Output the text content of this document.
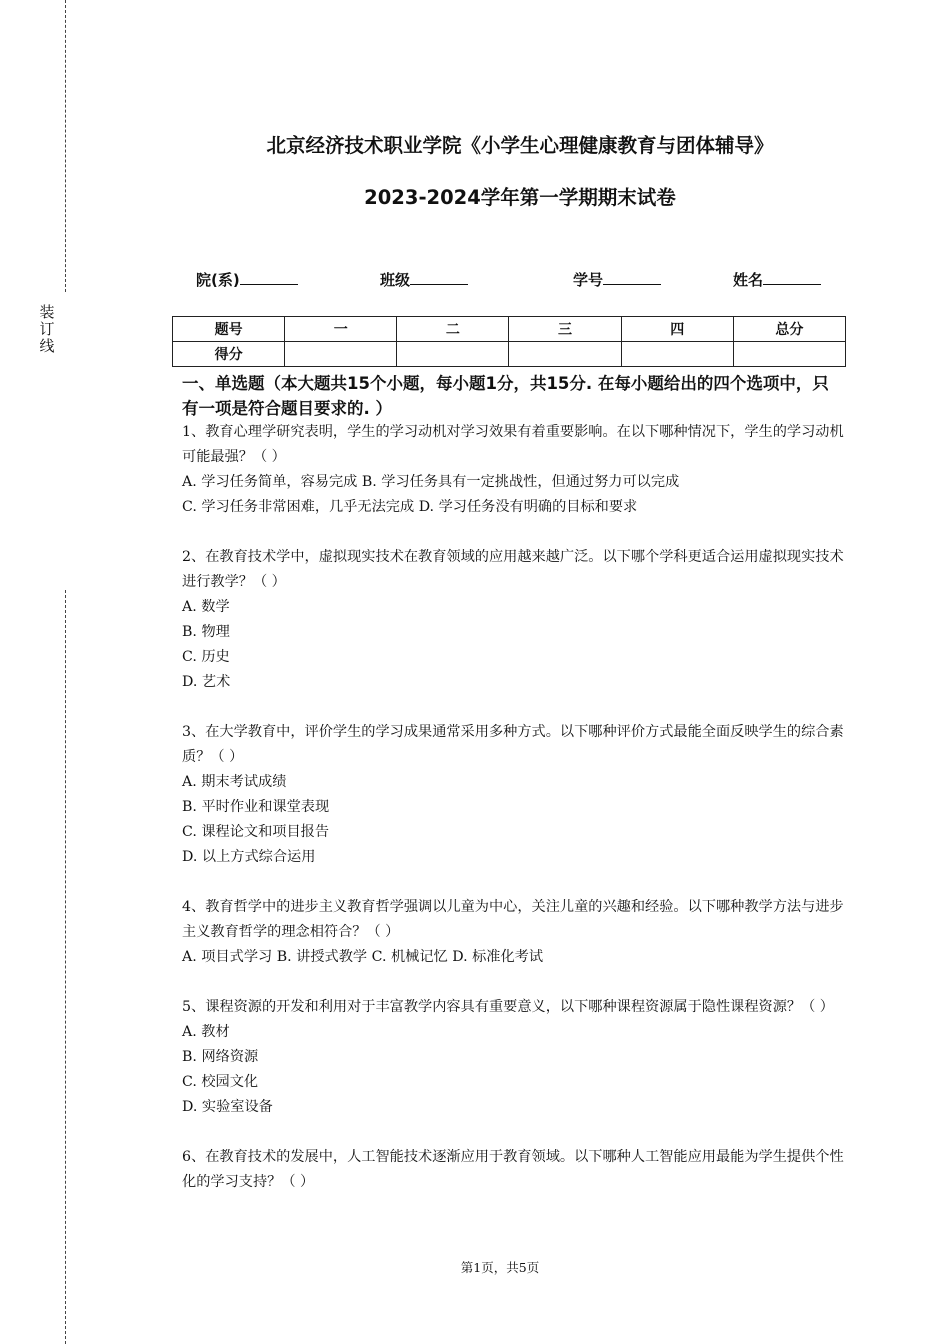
装
订
线
北京经济技术职业学院《小学生心理健康教育与团体辅导》
2023-2024学年第一学期期末试卷
院(系)	班级	学号	姓名
题号	一	二	三	四	总分
得分					
一、单选题（本大题共15个小题，每小题1分，共15分. 在每小题给出的四个选项中，只有一项是符合题目要求的. ）
1、教育心理学研究表明，学生的学习动机对学习效果有着重要影响。在以下哪种情况下，学生的学习动机可能最强？（ ）
A. 学习任务简单，容易完成 B. 学习任务具有一定挑战性，但通过努力可以完成
C. 学习任务非常困难，几乎无法完成 D. 学习任务没有明确的目标和要求
2、在教育技术学中，虚拟现实技术在教育领域的应用越来越广泛。以下哪个学科更适合运用虚拟现实技术进行教学？（ ）
A. 数学
B. 物理
C. 历史
D. 艺术
3、在大学教育中，评价学生的学习成果通常采用多种方式。以下哪种评价方式最能全面反映学生的综合素质？（ ）
A. 期末考试成绩
B. 平时作业和课堂表现
C. 课程论文和项目报告
D. 以上方式综合运用
4、教育哲学中的进步主义教育哲学强调以儿童为中心，关注儿童的兴趣和经验。以下哪种教学方法与进步主义教育哲学的理念相符合？（ ）
A. 项目式学习 B. 讲授式教学 C. 机械记忆 D. 标准化考试
5、课程资源的开发和利用对于丰富教学内容具有重要意义，以下哪种课程资源属于隐性课程资源？（ ）
A. 教材
B. 网络资源
C. 校园文化
D. 实验室设备
6、在教育技术的发展中，人工智能技术逐渐应用于教育领域。以下哪种人工智能应用最能为学生提供个性化的学习支持？（ ）
第1页，共5页
